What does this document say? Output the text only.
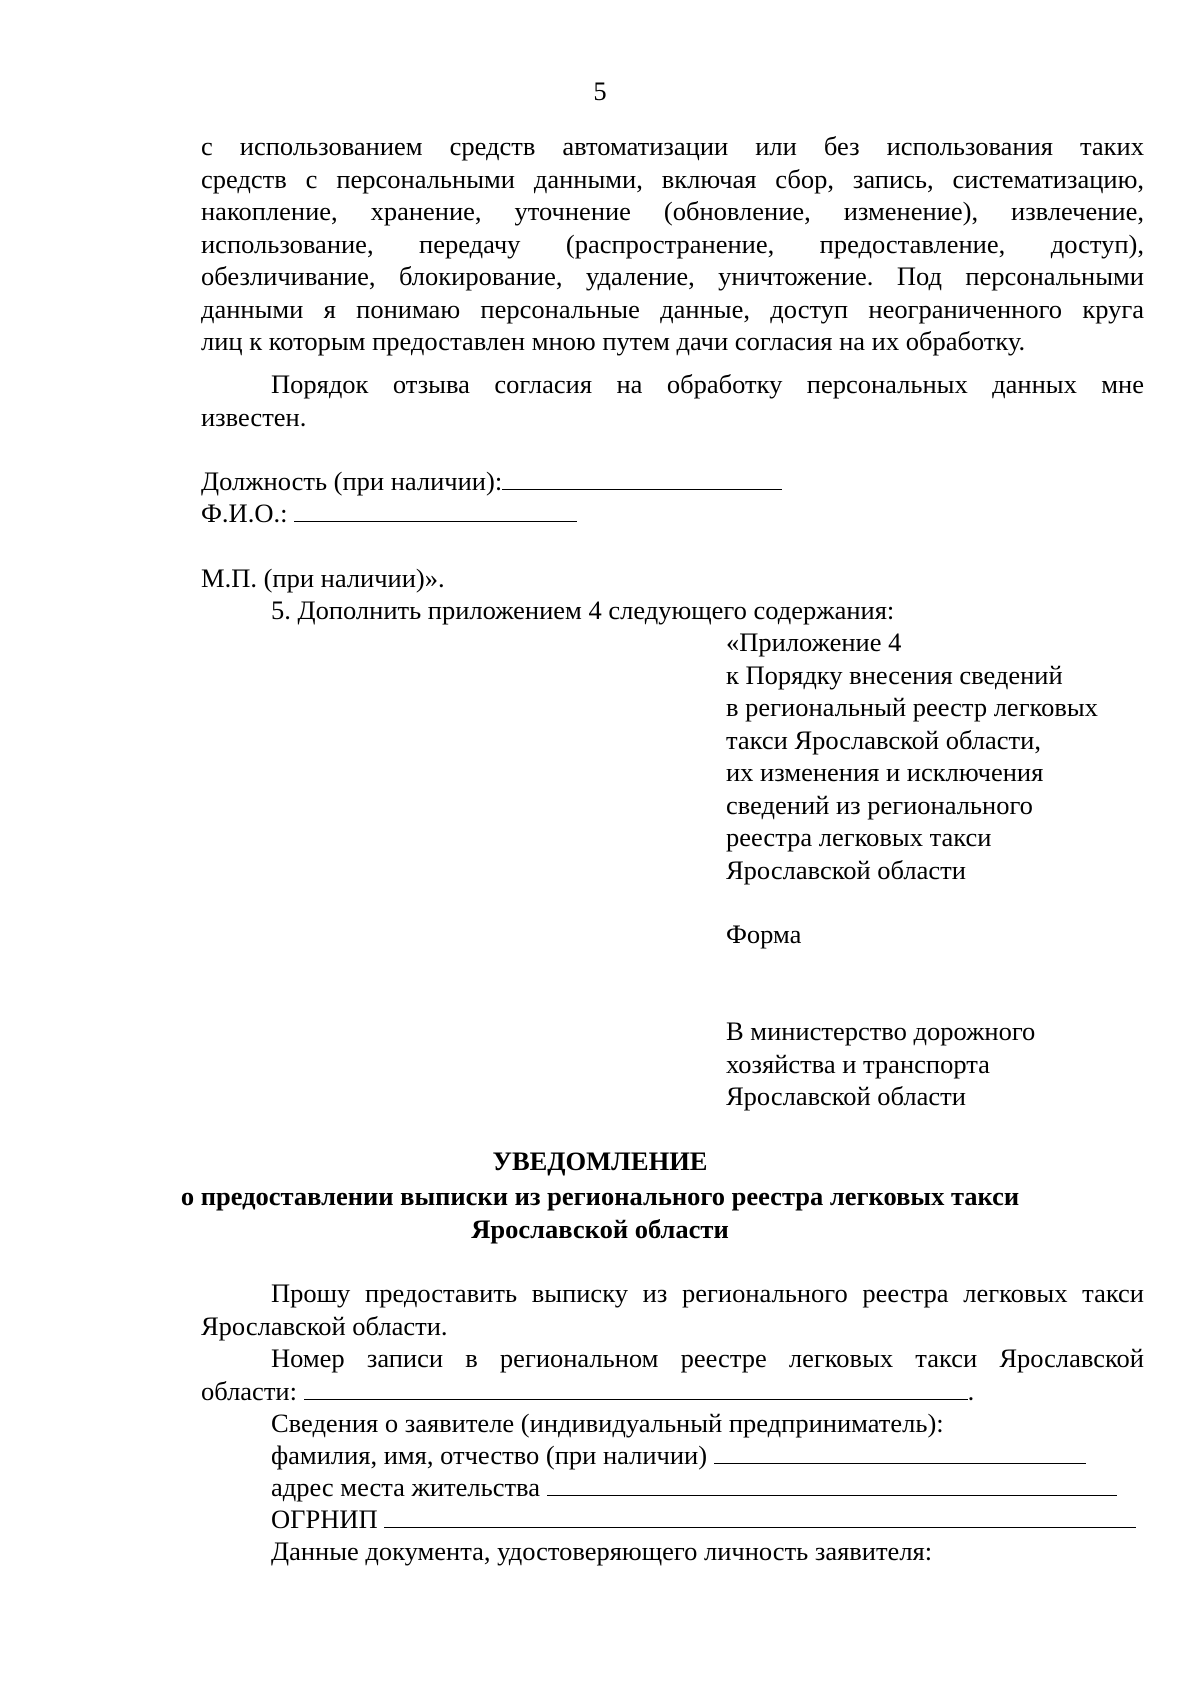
5
с использованием средств автоматизации или без использования таких
средств с персональными данными, включая сбор, запись, систематизацию,
накопление, хранение, уточнение (обновление, изменение), извлечение,
использование, передачу (распространение, предоставление, доступ),
обезличивание, блокирование, удаление, уничтожение. Под персональными
данными я понимаю персональные данные, доступ неограниченного круга
лиц к которым предоставлен мною путем дачи согласия на их обработку.
Порядок отзыва согласия на обработку персональных данных мне
известен.
Должность (при наличии):
Ф.И.О.:
М.П. (при наличии)».
5. Дополнить приложением 4 следующего содержания:
«Приложение 4
к Порядку внесения сведений
в региональный реестр легковых
такси Ярославской области,
их изменения и исключения
сведений из регионального
реестра легковых такси
Ярославской области
Форма
В министерство дорожного
хозяйства и транспорта
Ярославской области
УВЕДОМЛЕНИЕ
о предоставлении выписки из регионального реестра легковых такси
Ярославской области
Прошу предоставить выписку из регионального реестра легковых такси
Ярославской области.
Номер записи в региональном реестре легковых такси Ярославской
области:	.
Сведения о заявителе (индивидуальный предприниматель):
фамилия, имя, отчество (при наличии)
адрес места жительства
ОГРНИП
Данные документа, удостоверяющего личность заявителя:
